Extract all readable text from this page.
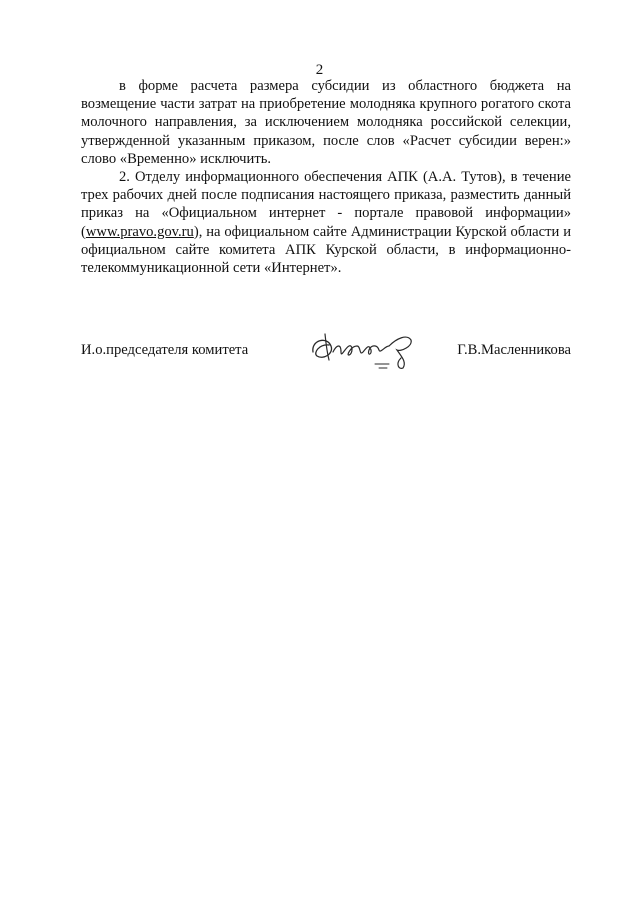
2

в форме расчета размера субсидии из областного бюджета на возмещение части затрат на приобретение молодняка крупного рогатого скота молочного направления, за исключением молодняка российской селекции, утвержденной указанным приказом, после слов «Расчет субсидии верен:» слово «Временно» исключить.

2. Отделу информационного обеспечения АПК (А.А. Тутов), в течение трех рабочих дней после подписания настоящего приказа, разместить данный приказ на «Официальном интернет - портале правовой информации» (www.pravo.gov.ru), на официальном сайте Администрации Курской области и официальном сайте комитета АПК Курской области, в информационно- телекоммуникационной сети «Интернет».

И.о.председателя комитета	Г.В.Масленникова
